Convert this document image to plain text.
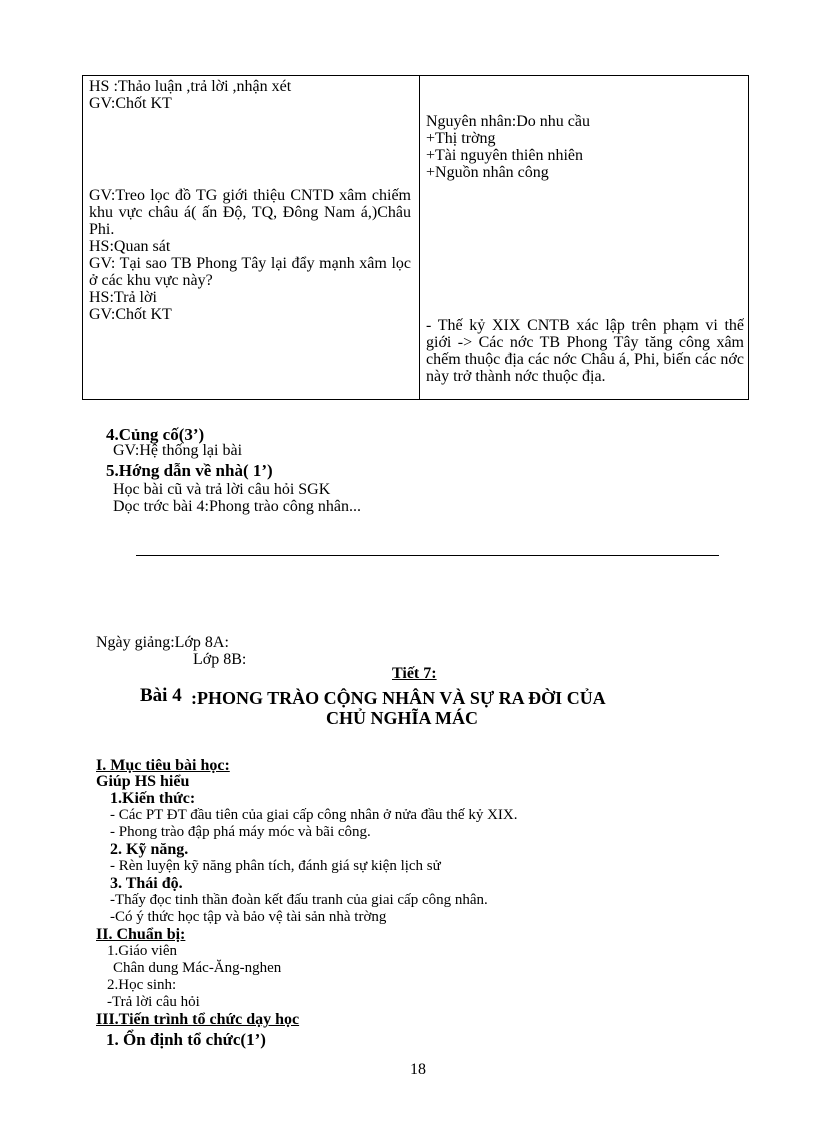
HS :Thảo luận ,trả lời ,nhận xét
GV:Chốt KT
GV:Treo lọc đồ TG giới thiệu CNTD xâm chiếm khu vực châu á( ấn Độ, TQ, Đông Nam á,)Châu Phi.
HS:Quan sát
GV: Tại sao TB Phong Tây lại đẩy mạnh xâm lọc ở các khu vực này?
HS:Trả lời
GV:Chốt KT
Nguyên nhân:Do nhu cầu
+Thị trờng
+Tài nguyên thiên nhiên
+Nguồn nhân công
- Thế kỷ XIX CNTB xác lập trên phạm vi thế giới -> Các nớc TB Phong Tây tăng công xâm chếm thuộc địa các nớc Châu á, Phi, biến các nớc này trở thành nớc thuộc địa.
4.Củng cố(3’)
GV:Hệ thống lại bài
5.Hớng dẫn về nhà( 1’)
Học bài cũ và trả lời câu hỏi SGK
Dọc trớc bài 4:Phong trào công nhân...
Ngày giảng:Lớp 8A:
Lớp 8B:
Tiết 7:
Bài 4 :PHONG TRÀO CỘNG NHÂN VÀ SỰ RA ĐỜI CỦA
CHỦ NGHĨA MÁC
I. Mục tiêu bài học:
Giúp HS hiểu
1.Kiến thức:
- Các PT ĐT đầu tiên của giai cấp công nhân ở nửa đầu thế kỷ XIX.
- Phong trào đập phá máy móc và bãi công.
2. Kỹ năng.
- Rèn luyện kỹ năng phân tích, đánh giá sự kiện lịch sử
3. Thái độ.
-Thấy đọc tinh thần đoàn kết đấu tranh của giai cấp công nhân.
-Có ý thức học tập và bảo vệ tài sản nhà trờng
II. Chuẩn bị:
1.Giáo viên
Chân dung Mác-Ăng-nghen
2.Học sinh:
-Trả lời câu hỏi
III.Tiến trình tổ chức dạy học
1. Ổn định tổ chức(1’)
18
